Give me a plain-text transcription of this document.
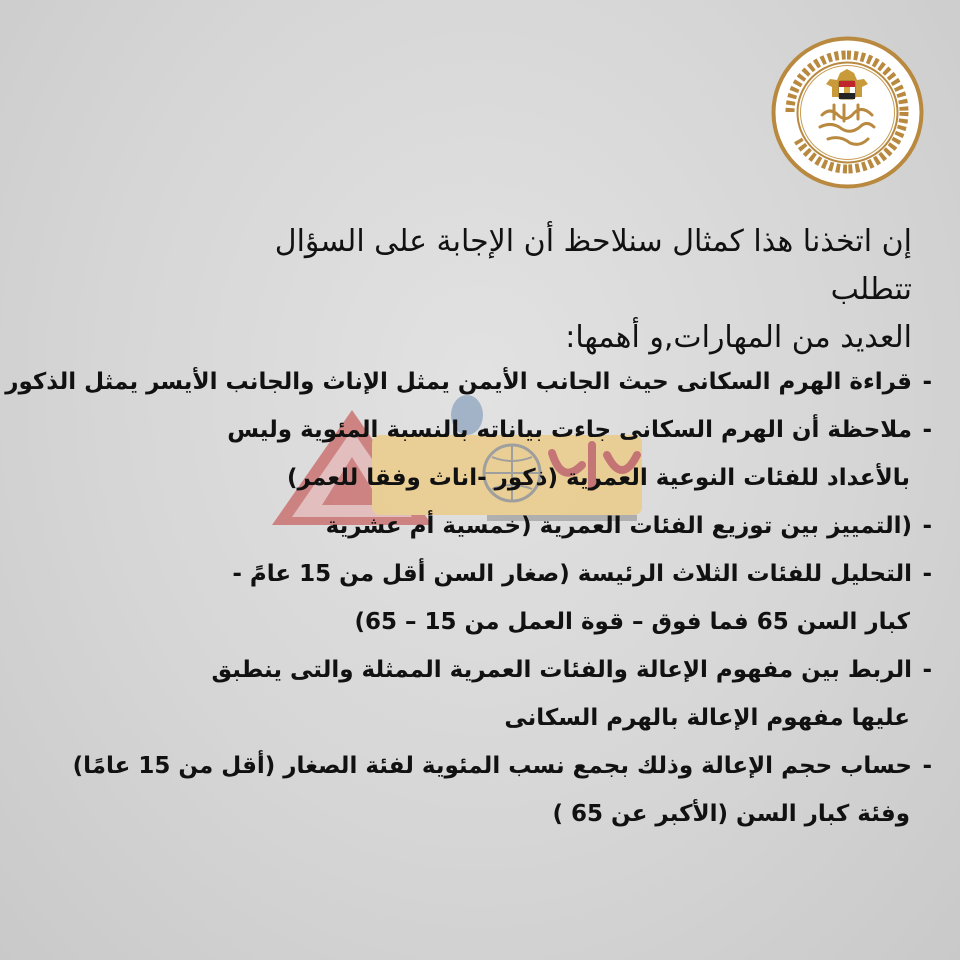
إن اتخذنا هذا كمثال سنلاحظ أن الإجابة على السؤال تتطلب

العديد من المهارات,و أهمها:

-قراءة الهرم السكانى حيث الجانب الأيمن يمثل الإناث والجانب الأيسر يمثل الذكور
-ملاحظة أن الهرم السكانى جاءت بياناته بالنسبة المئوية وليس
بالأعداد للفئات النوعية العمرية (ذكور -اناث وفقا للعمر)
-(التمييز بين توزيع الفئات العمرية (خمسية أم عشرية
-التحليل للفئات الثلاث الرئيسة (صغار السن أقل من 15 عامً -
كبار السن 65 فما فوق – قوة العمل من 15 – 65)
-الربط بين مفهوم الإعالة والفئات العمرية الممثلة والتى ينطبق
عليها مفهوم الإعالة بالهرم السكانى
-حساب حجم الإعالة وذلك بجمع نسب المئوية لفئة الصغار (أقل من 15 عامًا)
وفئة كبار السن (الأكبر عن 65 )
